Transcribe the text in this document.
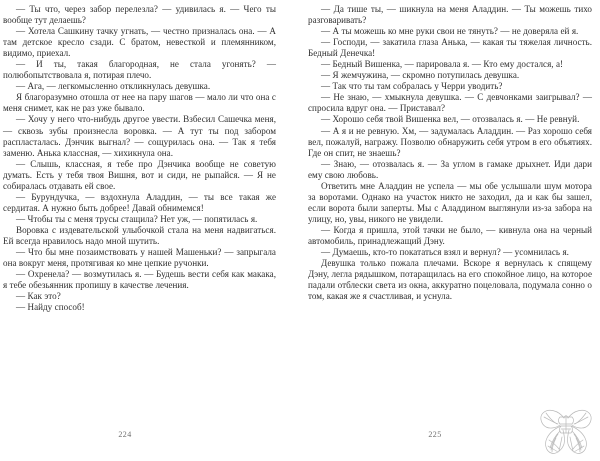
— Ты что, через забор перелезла? — удивилась я. — Чего ты вообще тут делаешь?

— Хотела Сашкину тачку угнать, — честно призналась она. — А там детское кресло сзади. С братом, невесткой и племянником, видимо, приехал.

— И ты, такая благородная, не стала угонять? — полюбопытствовала я, потирая плечо.

— Ага, — легкомысленно откликнулась девушка.

Я благоразумно отошла от нее на пару шагов — мало ли что она с меня снимет, как не раз уже бывало.

— Хочу у него что-нибудь другое увести. Взбесил Сашечка меня, — сквозь зубы произнесла воровка. — А тут ты под забором распласталась. Дэнчик выгнал? — сощурилась она. — Так я тебя заменю. Анька классная, — хихикнула она.

— Слышь, классная, я тебе про Дэнчика вообще не советую думать. Есть у тебя твоя Вишня, вот и сиди, не рыпайся. — Я не собиралась отдавать ей свое.

— Бурундучка, — вздохнула Аладдин, — ты все такая же сердитая. А нужно быть добрее! Давай обнимемся!

— Чтобы ты с меня трусы стащила? Нет уж, — попятилась я.

Воровка с издевательской улыбочкой стала на меня надвигаться. Ей всегда нравилось надо мной шутить.

— Что бы мне позаимствовать у нашей Машеньки? — запрыгала она вокруг меня, протягивая ко мне цепкие ручонки.

— Охренела? — возмутилась я. — Будешь вести себя как макака, я тебе обезьянник пропишу в качестве лечения.

— Как это?

— Найду способ!

— Да тише ты, — шикнула на меня Аладдин. — Ты можешь тихо разговаривать?

— А ты можешь ко мне руки свои не тянуть? — не доверяла ей я.

— Господи, — закатила глаза Анька, — какая ты тяжелая личность. Бедный Денечка!

— Бедный Вишенка, — парировала я. — Кто ему достался, а!

— Я жемчужина, — скромно потупилась девушка.

— Так что ты там собралась у Черри уводить?

— Не знаю, — хмыкнула девушка. — С девчонками заигрывал? — спросила вдруг она. — Приставал?

— Хорошо себя твой Вишенка вел, — отозвалась я. — Не ревнуй.

— А я и не ревную. Хм, — задумалась Аладдин. — Раз хорошо себя вел, пожалуй, награжу. Позволю обнаружить себя утром в его объятиях. Где он спит, не знаешь?

— Знаю, — отозвалась я. — За углом в гамаке дрыхнет. Иди дари ему свою любовь.

Ответить мне Аладдин не успела — мы обе услышали шум мотора за воротами. Однако на участок никто не заходил, да и как бы зашел, если ворота были заперты. Мы с Аладдином выглянули из-за забора на улицу, но, увы, никого не увидели.

— Когда я пришла, этой тачки не было, — кивнула она на черный автомобиль, принадлежащий Дэну.

— Думаешь, кто-то покататься взял и вернул? — усомнилась я.

Девушка только пожала плечами. Вскоре я вернулась к спящему Дэну, легла рядышком, потаращилась на его спокойное лицо, на которое падали отблески света из окна, аккуратно поцеловала, подумала сонно о том, какая же я счастливая, и уснула.

224	225
